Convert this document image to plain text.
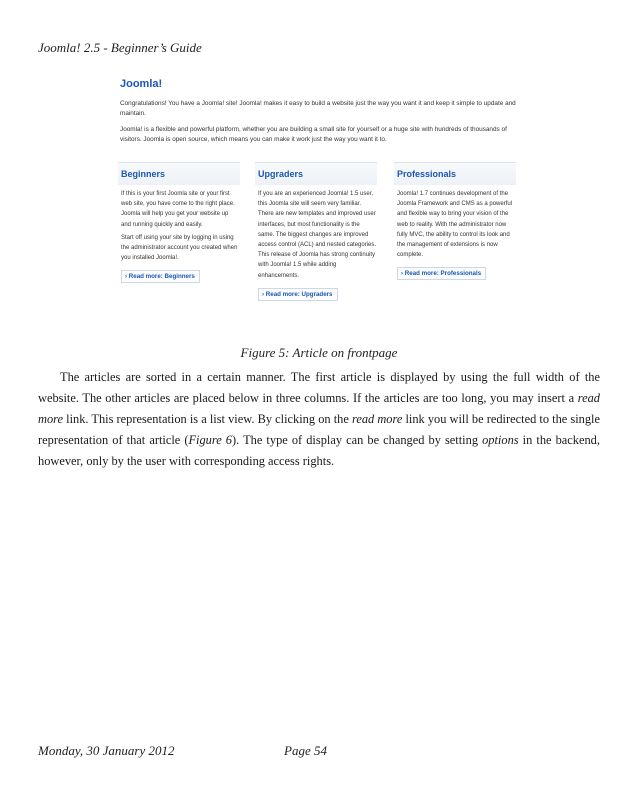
Joomla! 2.5 - Beginner’s Guide
Joomla!
Congratulations! You have a Joomla! site! Joomla! makes it easy to build a website just the way you want it and keep it simple to update and maintain.
Joomla! is a flexible and powerful platform, whether you are building a small site for yourself or a huge site with hundreds of thousands of visitors. Joomla is open source, which means you can make it work just the way you want it to.
Beginners
If this is your first Joomla site or your first web site, you have come to the right place. Joomla will help you get your website up and running quickly and easily.
Start off using your site by logging in using the administrator account you created when you installed Joomla!.
› Read more: Beginners
Upgraders
If you are an experienced Joomla! 1.5 user, this Joomla site will seem very familiar. There are new templates and improved user interfaces, but most functionality is the same. The biggest changes are improved access control (ACL) and nested categories. This release of Joomla has strong continuity with Joomla! 1.5 while adding enhancements.
› Read more: Upgraders
Professionals
Joomla! 1.7 continues development of the Joomla Framework and CMS as a powerful and flexible way to bring your vision of the web to reality. With the administrator now fully MVC, the ability to control its look and the management of extensions is now complete.
› Read more: Professionals
Figure 5: Article on frontpage
The articles are sorted in a certain manner. The first article is displayed by using the full width of the website. The other articles are placed below in three columns. If the articles are too long, you may insert a read more link. This representation is a list view. By clicking on the read more link you will be redirected to the single representation of that article (Figure 6). The type of display can be changed by setting options in the backend, however, only by the user with corresponding access rights.
Monday, 30 January 2012	Page 54
